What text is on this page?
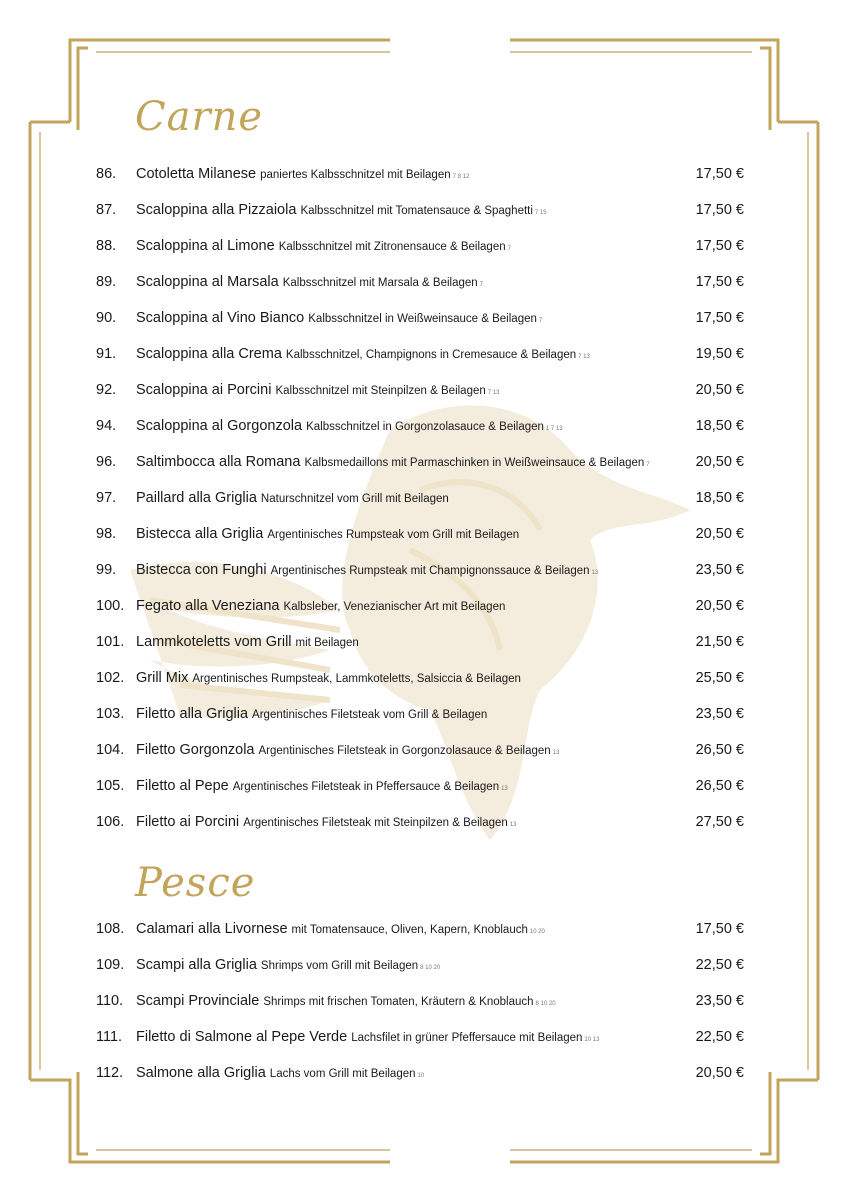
Carne
86. Cotoletta Milanese paniertes Kalbsschnitzel mit Beilagen 7 8 12	17,50 €
87. Scaloppina alla Pizzaiola Kalbsschnitzel mit Tomatensauce & Spaghetti 7 15	17,50 €
88. Scaloppina al Limone Kalbsschnitzel mit Zitronensauce & Beilagen 7	17,50 €
89. Scaloppina al Marsala Kalbsschnitzel mit Marsala & Beilagen 7	17,50 €
90. Scaloppina al Vino Bianco Kalbsschnitzel in Weißweinsauce & Beilagen 7	17,50 €
91. Scaloppina alla Crema Kalbsschnitzel, Champignons in Cremesauce & Beilagen 7 13	19,50 €
92. Scaloppina ai Porcini Kalbsschnitzel mit Steinpilzen & Beilagen 7 13	20,50 €
94. Scaloppina al Gorgonzola Kalbsschnitzel in Gorgonzolasauce & Beilagen 1 7 13	18,50 €
96. Saltimbocca alla Romana Kalbsmedaillons mit Parmaschinken in Weißweinsauce & Beilagen 7	20,50 €
97. Paillard alla Griglia Naturschnitzel vom Grill mit Beilagen	18,50 €
98. Bistecca alla Griglia Argentinisches Rumpsteak vom Grill mit Beilagen	20,50 €
99. Bistecca con Funghi Argentinisches Rumpsteak mit Champignonssauce & Beilagen 13	23,50 €
100. Fegato alla Veneziana Kalbsleber, Venezianischer Art mit Beilagen	20,50 €
101. Lammkoteletts vom Grill mit Beilagen	21,50 €
102. Grill Mix Argentinisches Rumpsteak, Lammkoteletts, Salsiccia & Beilagen	25,50 €
103. Filetto alla Griglia Argentinisches Filetsteak vom Grill & Beilagen	23,50 €
104. Filetto Gorgonzola Argentinisches Filetsteak in Gorgonzolasauce & Beilagen 13	26,50 €
105. Filetto al Pepe Argentinisches Filetsteak in Pfeffersauce & Beilagen 13	26,50 €
106. Filetto ai Porcini Argentinisches Filetsteak mit Steinpilzen & Beilagen 13	27,50 €
Pesce
108. Calamari alla Livornese mit Tomatensauce, Oliven, Kapern, Knoblauch 10 20	17,50 €
109. Scampi alla Griglia Shrimps vom Grill mit Beilagen 8 10 20	22,50 €
110. Scampi Provinciale Shrimps mit frischen Tomaten, Kräutern & Knoblauch 8 10 20	23,50 €
111. Filetto di Salmone al Pepe Verde Lachsfilet in grüner Pfeffersauce mit Beilagen 10 13	22,50 €
112. Salmone alla Griglia Lachs vom Grill mit Beilagen 10	20,50 €
